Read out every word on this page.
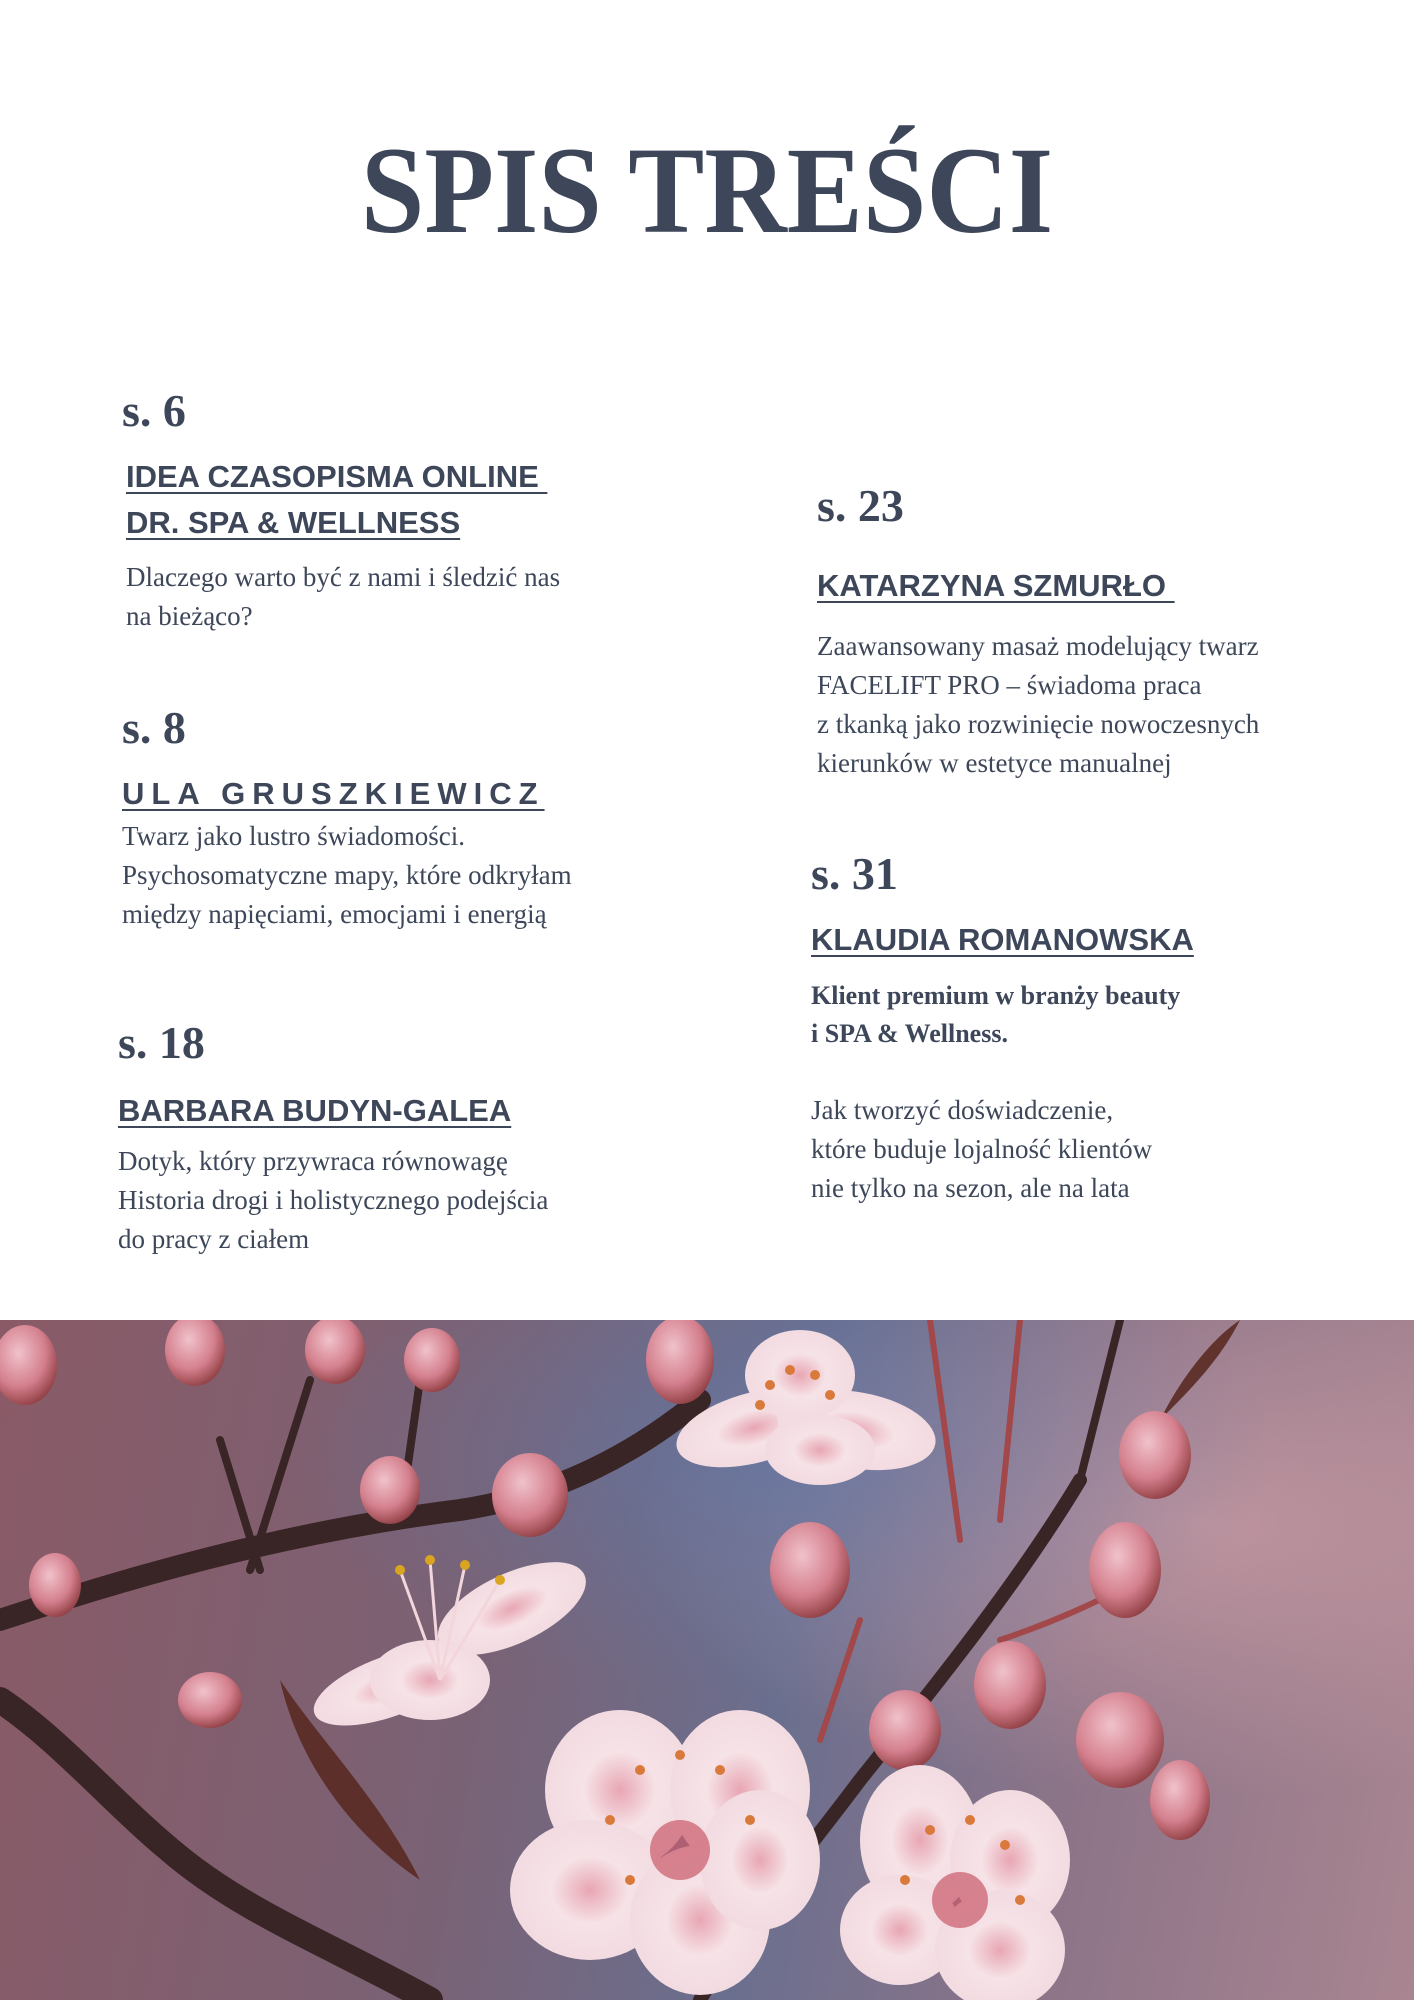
SPIS TREŚCI
s. 6
IDEA CZASOPISMA ONLINE
DR. SPA & WELLNESS
Dlaczego warto być z nami i śledzić nas
na bieżąco?
s. 8
ULA GRUSZKIEWICZ
Twarz jako lustro świadomości.
Psychosomatyczne mapy, które odkryłam
między napięciami, emocjami i energią
s. 18
BARBARA BUDYN-GALEA
Dotyk, który przywraca równowagę
Historia drogi i holistycznego podejścia
do pracy z ciałem
s. 23
KATARZYNA SZMURŁO
Zaawansowany masaż modelujący twarz
FACELIFT PRO – świadoma praca
z tkanką jako rozwinięcie nowoczesnych
kierunków w estetyce manualnej
s. 31
KLAUDIA ROMANOWSKA
Klient premium w branży beauty
i SPA & Wellness.
Jak tworzyć doświadczenie,
które buduje lojalność klientów
nie tylko na sezon, ale na lata
